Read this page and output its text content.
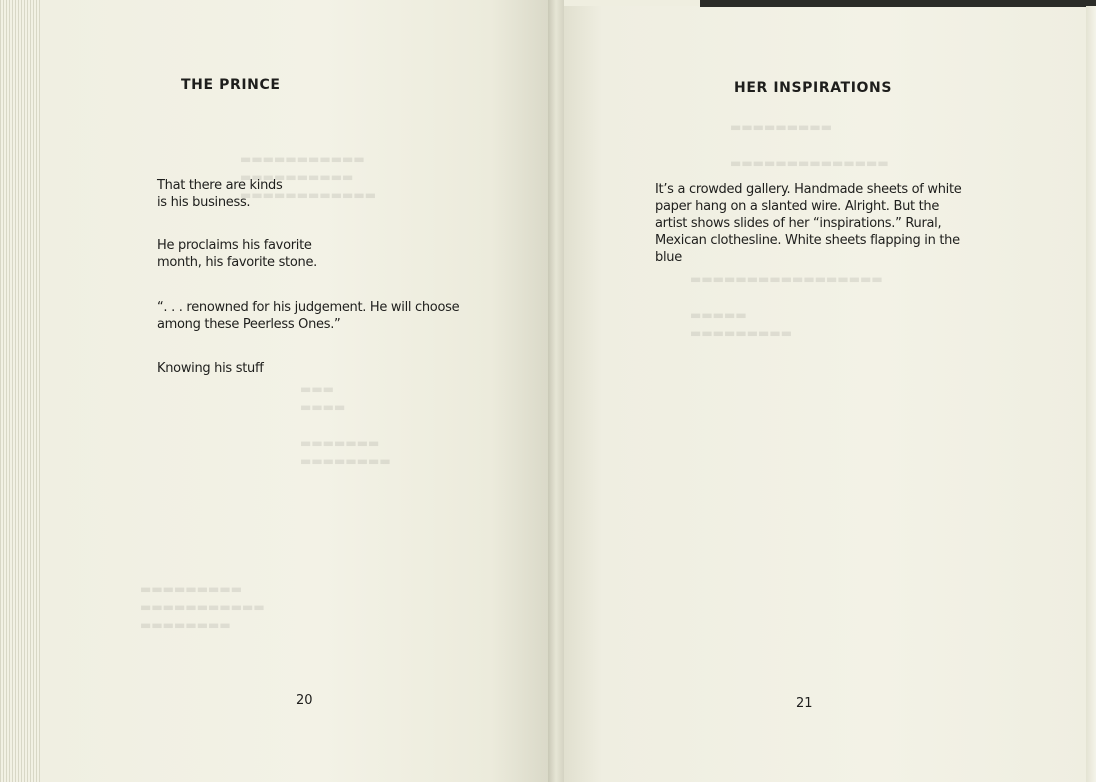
▬▬▬▬▬▬▬▬▬▬▬
▬▬▬▬▬▬▬▬▬▬
▬▬▬▬▬▬▬▬▬▬▬▬
▬▬▬
▬▬▬▬

▬▬▬▬▬▬▬
▬▬▬▬▬▬▬▬
▬▬▬▬▬▬▬▬▬
▬▬▬▬▬▬▬▬▬▬▬
▬▬▬▬▬▬▬▬
▬▬▬▬▬▬▬▬▬

▬▬▬▬▬▬▬▬▬▬▬▬▬▬
▬▬▬▬▬▬▬▬▬▬▬▬▬▬▬▬▬

▬▬▬▬▬
▬▬▬▬▬▬▬▬▬
THE PRINCE

That there are kinds
is his business.

He proclaims his favorite
month, his favorite stone.

“. . . renowned for his judgement. He will choose
among these Peerless Ones.”

Knowing his stuff

20
HER INSPIRATIONS

It’s a crowded gallery. Handmade sheets of white
paper hang on a slanted wire. Alright. But the
artist shows slides of her “inspirations.” Rural,
Mexican clothesline. White sheets flapping in the
blue

21
